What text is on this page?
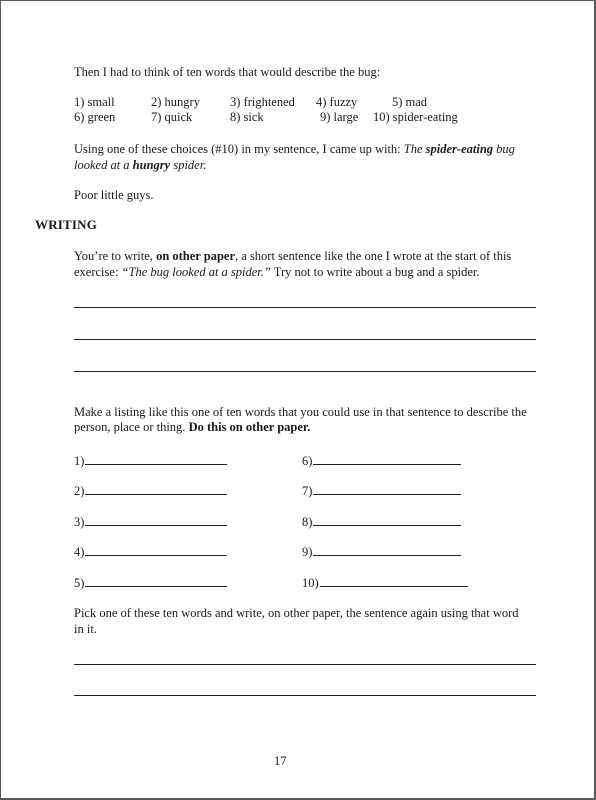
Then I had to think of ten words that would describe the bug:
1) small	2) hungry 3) frightened 4) fuzzy	5) mad
6) green	7) quick	8) sick	9) large 10) spider-eating
Using one of these choices (#10) in my sentence, I came up with: The spider-eating bug
looked at a hungry spider.
Poor little guys.
WRITING
You’re to write, on other paper, a short sentence like the one I wrote at the start of this
exercise: “The bug looked at a spider.” Try not to write about a bug and a spider.
Make a listing like this one of ten words that you could use in that sentence to describe the
person, place or thing. Do this on other paper.
1)
2)
3)
4)
5)
6)
7)
8)
9)
10)
Pick one of these ten words and write, on other paper, the sentence again using that word
in it.
17
